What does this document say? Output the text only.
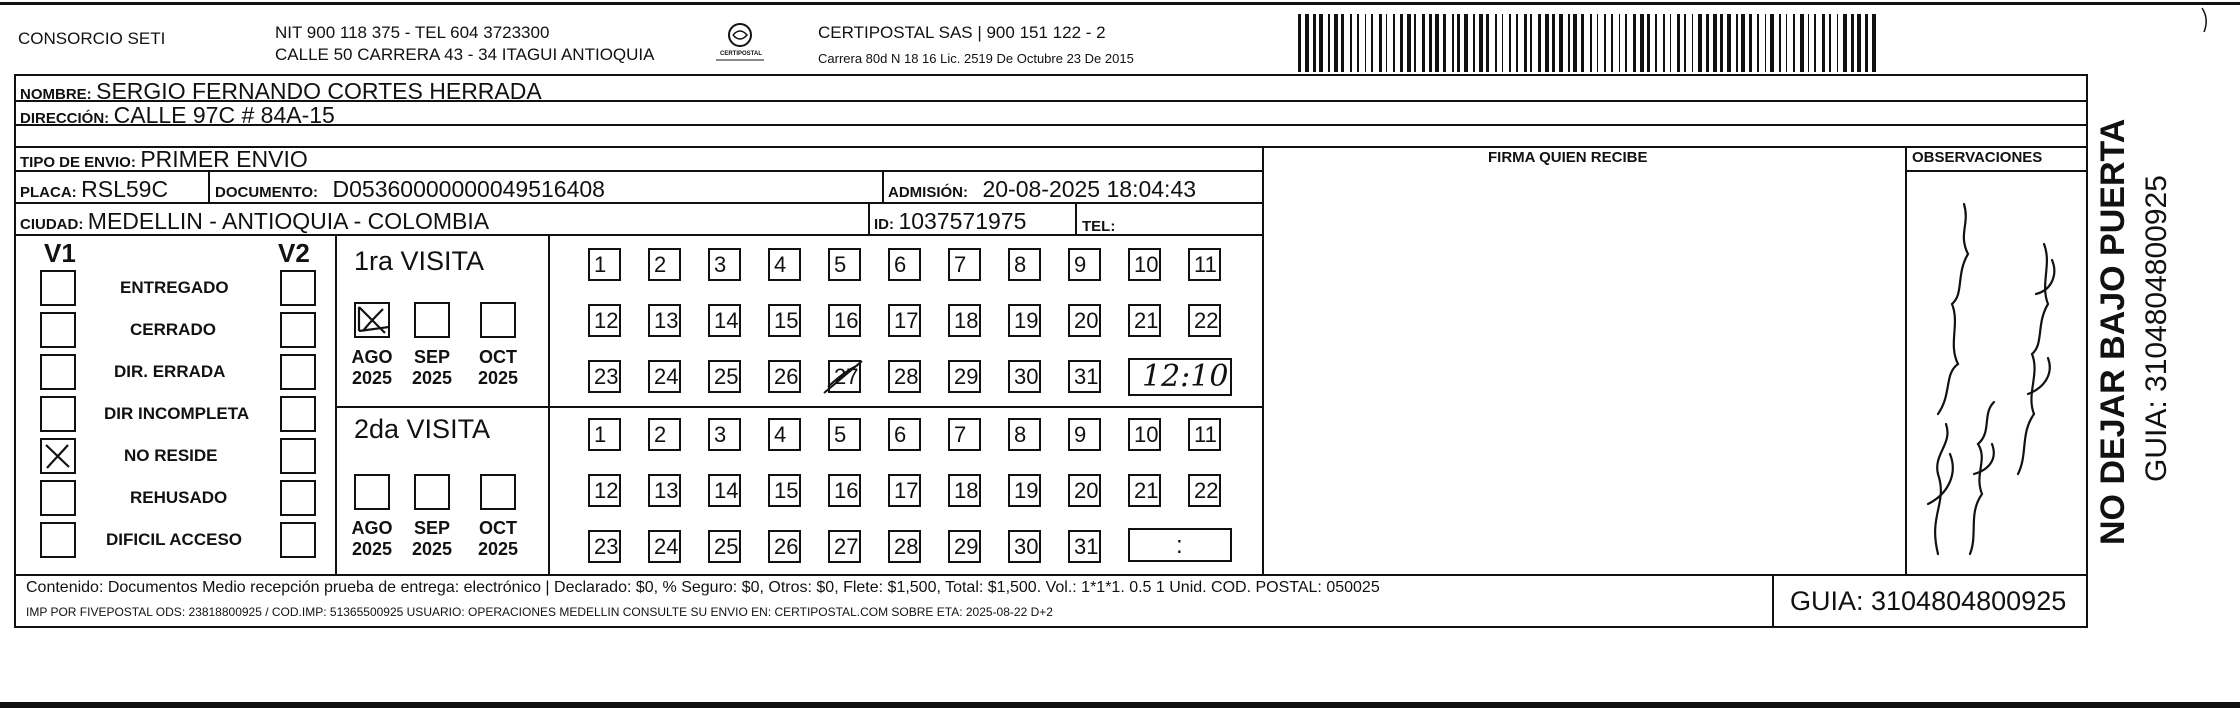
CONSORCIO SETI	NIT 900 118 375 - TEL 604 3723300
CALLE 50 CARRERA 43 - 34 ITAGUI ANTIOQUIA	CERTIPOSTAL
CERTIPOSTAL SAS | 900 151 122 - 2
Carrera 80d N 18 16 Lic. 2519 De Octubre 23 De 2015
NOMBRE: SERGIO FERNANDO CORTES HERRADA
DIRECCIÓN: CALLE 97C # 84A-15
TIPO DE ENVIO: PRIMER ENVIO	FIRMA QUIEN RECIBE	OBSERVACIONES
PLACA: RSL59C	DOCUMENTO: D05360000000049516408	ADMISIÓN: 20-08-2025 18:04:43
CIUDAD: MEDELLIN - ANTIOQUIA - COLOMBIA	ID: 1037571975	TEL:
V1	V2
ENTREGADO
CERRADO
DIR. ERRADA
DIR INCOMPLETA
NO RESIDE
REHUSADO
DIFICIL ACCESO
1ra VISITA
AGO
2025
SEP
2025
OCT
2025
1	2	3	4	5	6	7	8	9	10 11
12 13 14 15 16 17 18 19 20 21 22
23 24 25 26 27 28 29 30 31 12:10
2da VISITA
AGO
2025
SEP
2025
OCT
2025
1	2	3	4	5	6	7	8	9	10 11
12 13 14 15 16 17 18 19 20 21 22
23 24 25 26 27 28 29 30 31	:
Contenido: Documentos Medio recepción prueba de entrega: electrónico | Declarado: $0, % Seguro: $0, Otros: $0, Flete: $1,500, Total: $1,500. Vol.: 1*1*1. 0.5 1 Unid. COD. POSTAL: 050025
IMP POR FIVEPOSTAL ODS: 23818800925 / COD.IMP: 51365500925 USUARIO: OPERACIONES MEDELLIN CONSULTE SU ENVIO EN: CERTIPOSTAL.COM SOBRE ETA: 2025-08-22 D+2	GUIA: 3104804800925
NO DEJAR BAJO PUERTA GUIA: 3104804800925
